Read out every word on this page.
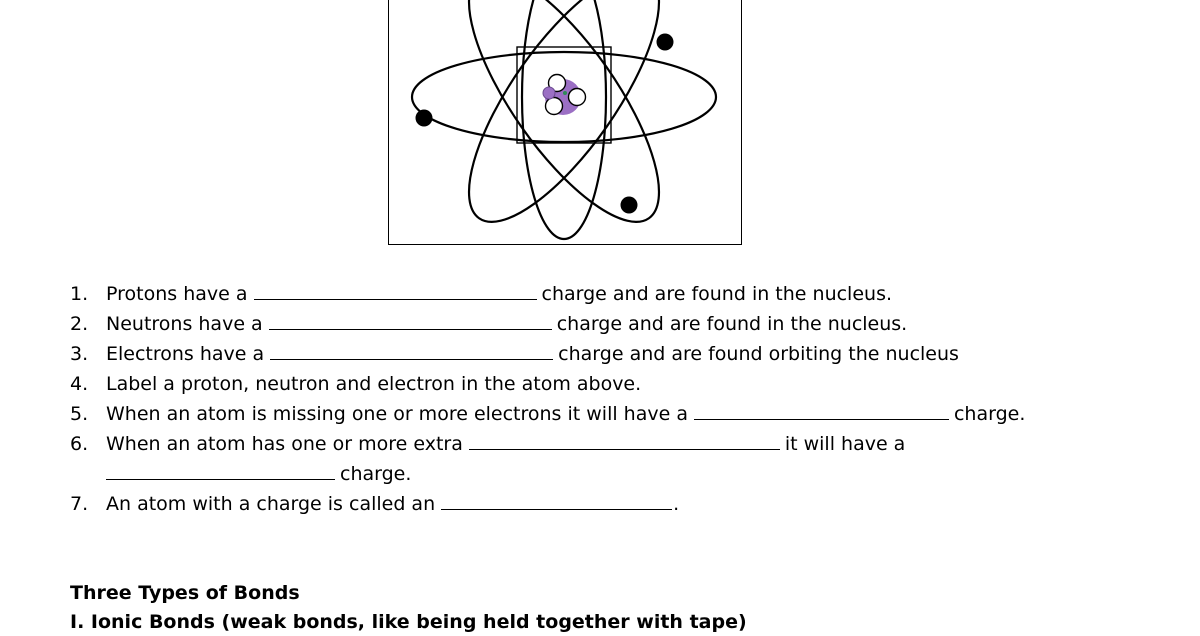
1. Protons have a	charge and are found in the nucleus.
2. Neutrons have a	charge and are found in the nucleus.
3. Electrons have a	charge and are found orbiting the nucleus
4. Label a proton, neutron and electron in the atom above.
5. When an atom is missing one or more electrons it will have a	charge.
6. When an atom has one or more extra	it will have a
charge.
7. An atom with a charge is called an	.
Three Types of Bonds
I. Ionic Bonds (weak bonds, like being held together with tape)
